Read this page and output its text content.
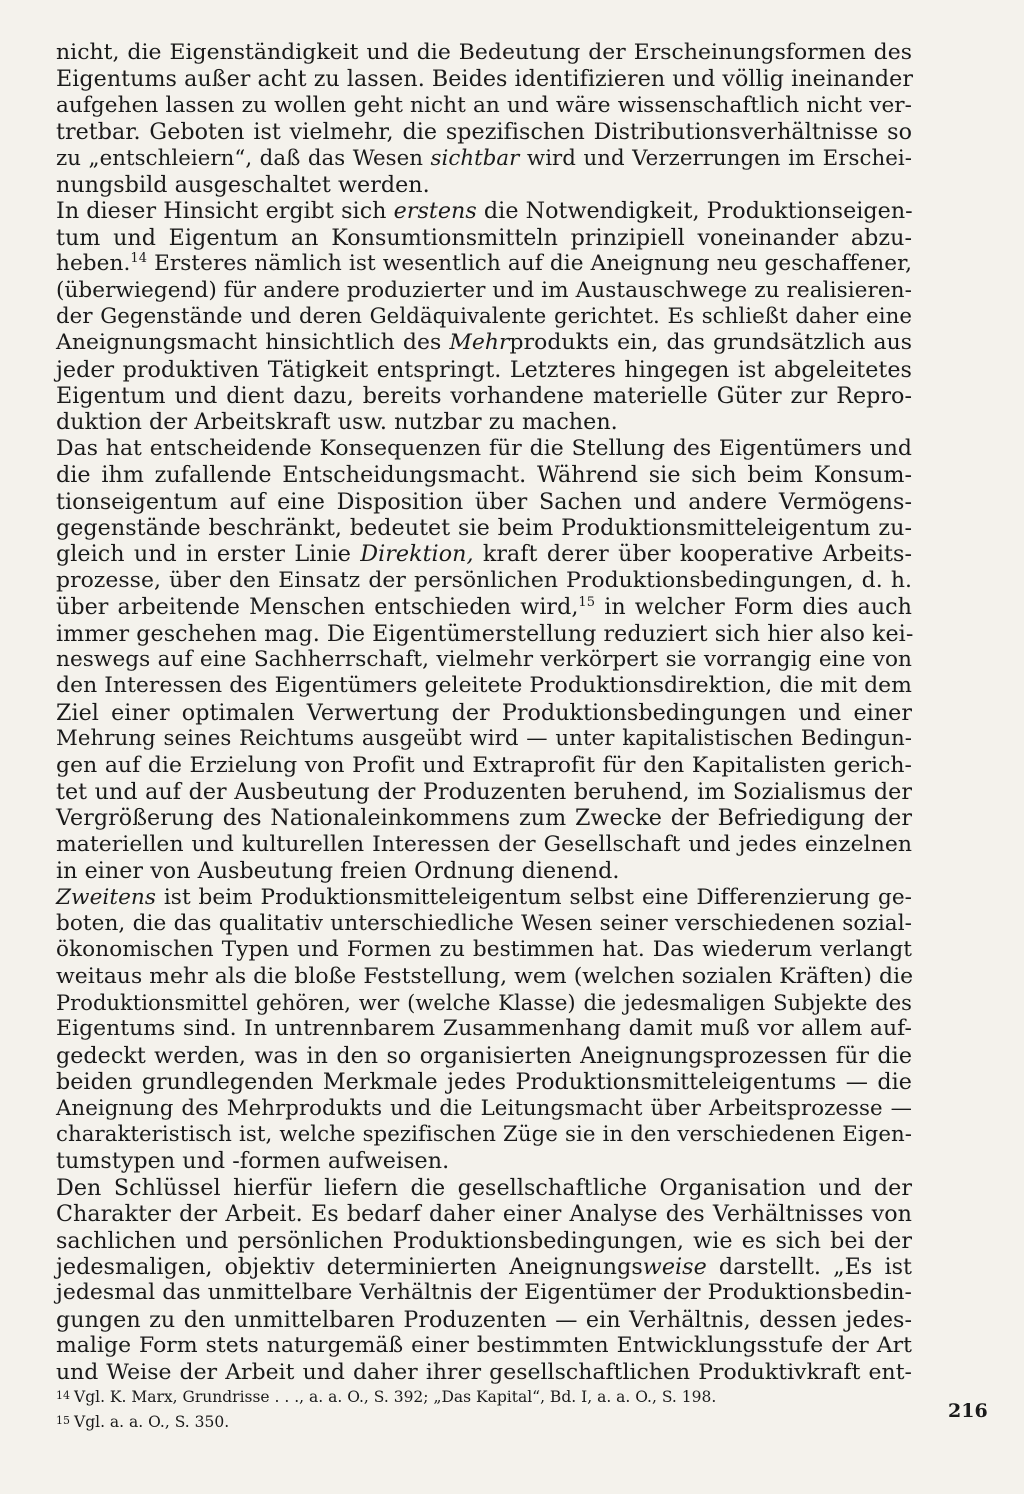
nicht, die Eigenständigkeit und die Bedeutung der Erscheinungsformen des
Eigentums außer acht zu lassen. Beides identifizieren und völlig ineinander
aufgehen lassen zu wollen geht nicht an und wäre wissenschaftlich nicht ver-
tretbar. Geboten ist vielmehr, die spezifischen Distributionsverhältnisse so
zu „entschleiern“, daß das Wesen sichtbar wird und Verzerrungen im Erschei-
nungsbild ausgeschaltet werden.
In dieser Hinsicht ergibt sich erstens die Notwendigkeit, Produktionseigen-
tum und Eigentum an Konsumtionsmitteln prinzipiell voneinander abzu-
heben.$^{14}$ Ersteres nämlich ist wesentlich auf die Aneignung neu geschaffener,
(überwiegend) für andere produzierter und im Austauschwege zu realisieren-
der Gegenstände und deren Geldäquivalente gerichtet. Es schließt daher eine
Aneignungsmacht hinsichtlich des Mehrprodukts ein, das grundsätzlich aus
jeder produktiven Tätigkeit entspringt. Letzteres hingegen ist abgeleitetes
Eigentum und dient dazu, bereits vorhandene materielle Güter zur Repro-
duktion der Arbeitskraft usw. nutzbar zu machen.
Das hat entscheidende Konsequenzen für die Stellung des Eigentümers und
die ihm zufallende Entscheidungsmacht. Während sie sich beim Konsum-
tionseigentum auf eine Disposition über Sachen und andere Vermögens-
gegenstände beschränkt, bedeutet sie beim Produktionsmitteleigentum zu-
gleich und in erster Linie Direktion, kraft derer über kooperative Arbeits-
prozesse, über den Einsatz der persönlichen Produktionsbedingungen, d. h.
über arbeitende Menschen entschieden wird,$^{15}$ in welcher Form dies auch
immer geschehen mag. Die Eigentümerstellung reduziert sich hier also kei-
neswegs auf eine Sachherrschaft, vielmehr verkörpert sie vorrangig eine von
den Interessen des Eigentümers geleitete Produktionsdirektion, die mit dem
Ziel einer optimalen Verwertung der Produktionsbedingungen und einer
Mehrung seines Reichtums ausgeübt wird — unter kapitalistischen Bedingun-
gen auf die Erzielung von Profit und Extraprofit für den Kapitalisten gerich-
tet und auf der Ausbeutung der Produzenten beruhend, im Sozialismus der
Vergrößerung des Nationaleinkommens zum Zwecke der Befriedigung der
materiellen und kulturellen Interessen der Gesellschaft und jedes einzelnen
in einer von Ausbeutung freien Ordnung dienend.
Zweitens ist beim Produktionsmitteleigentum selbst eine Differenzierung ge-
boten, die das qualitativ unterschiedliche Wesen seiner verschiedenen sozial-
ökonomischen Typen und Formen zu bestimmen hat. Das wiederum verlangt
weitaus mehr als die bloße Feststellung, wem (welchen sozialen Kräften) die
Produktionsmittel gehören, wer (welche Klasse) die jedesmaligen Subjekte des
Eigentums sind. In untrennbarem Zusammenhang damit muß vor allem auf-
gedeckt werden, was in den so organisierten Aneignungsprozessen für die
beiden grundlegenden Merkmale jedes Produktionsmitteleigentums — die
Aneignung des Mehrprodukts und die Leitungsmacht über Arbeitsprozesse —
charakteristisch ist, welche spezifischen Züge sie in den verschiedenen Eigen-
tumstypen und -formen aufweisen.
Den Schlüssel hierfür liefern die gesellschaftliche Organisation und der
Charakter der Arbeit. Es bedarf daher einer Analyse des Verhältnisses von
sachlichen und persönlichen Produktionsbedingungen, wie es sich bei der
jedesmaligen, objektiv determinierten Aneignungsweise darstellt. „Es ist
jedesmal das unmittelbare Verhältnis der Eigentümer der Produktionsbedin-
gungen zu den unmittelbaren Produzenten — ein Verhältnis, dessen jedes-
malige Form stets naturgemäß einer bestimmten Entwicklungsstufe der Art
und Weise der Arbeit und daher ihrer gesellschaftlichen Produktivkraft ent-
14 Vgl. K. Marx, Grundrisse . . ., a. a. O., S. 392; „Das Kapital“, Bd. I, a. a. O., S. 198.
15 Vgl. a. a. O., S. 350.	216
